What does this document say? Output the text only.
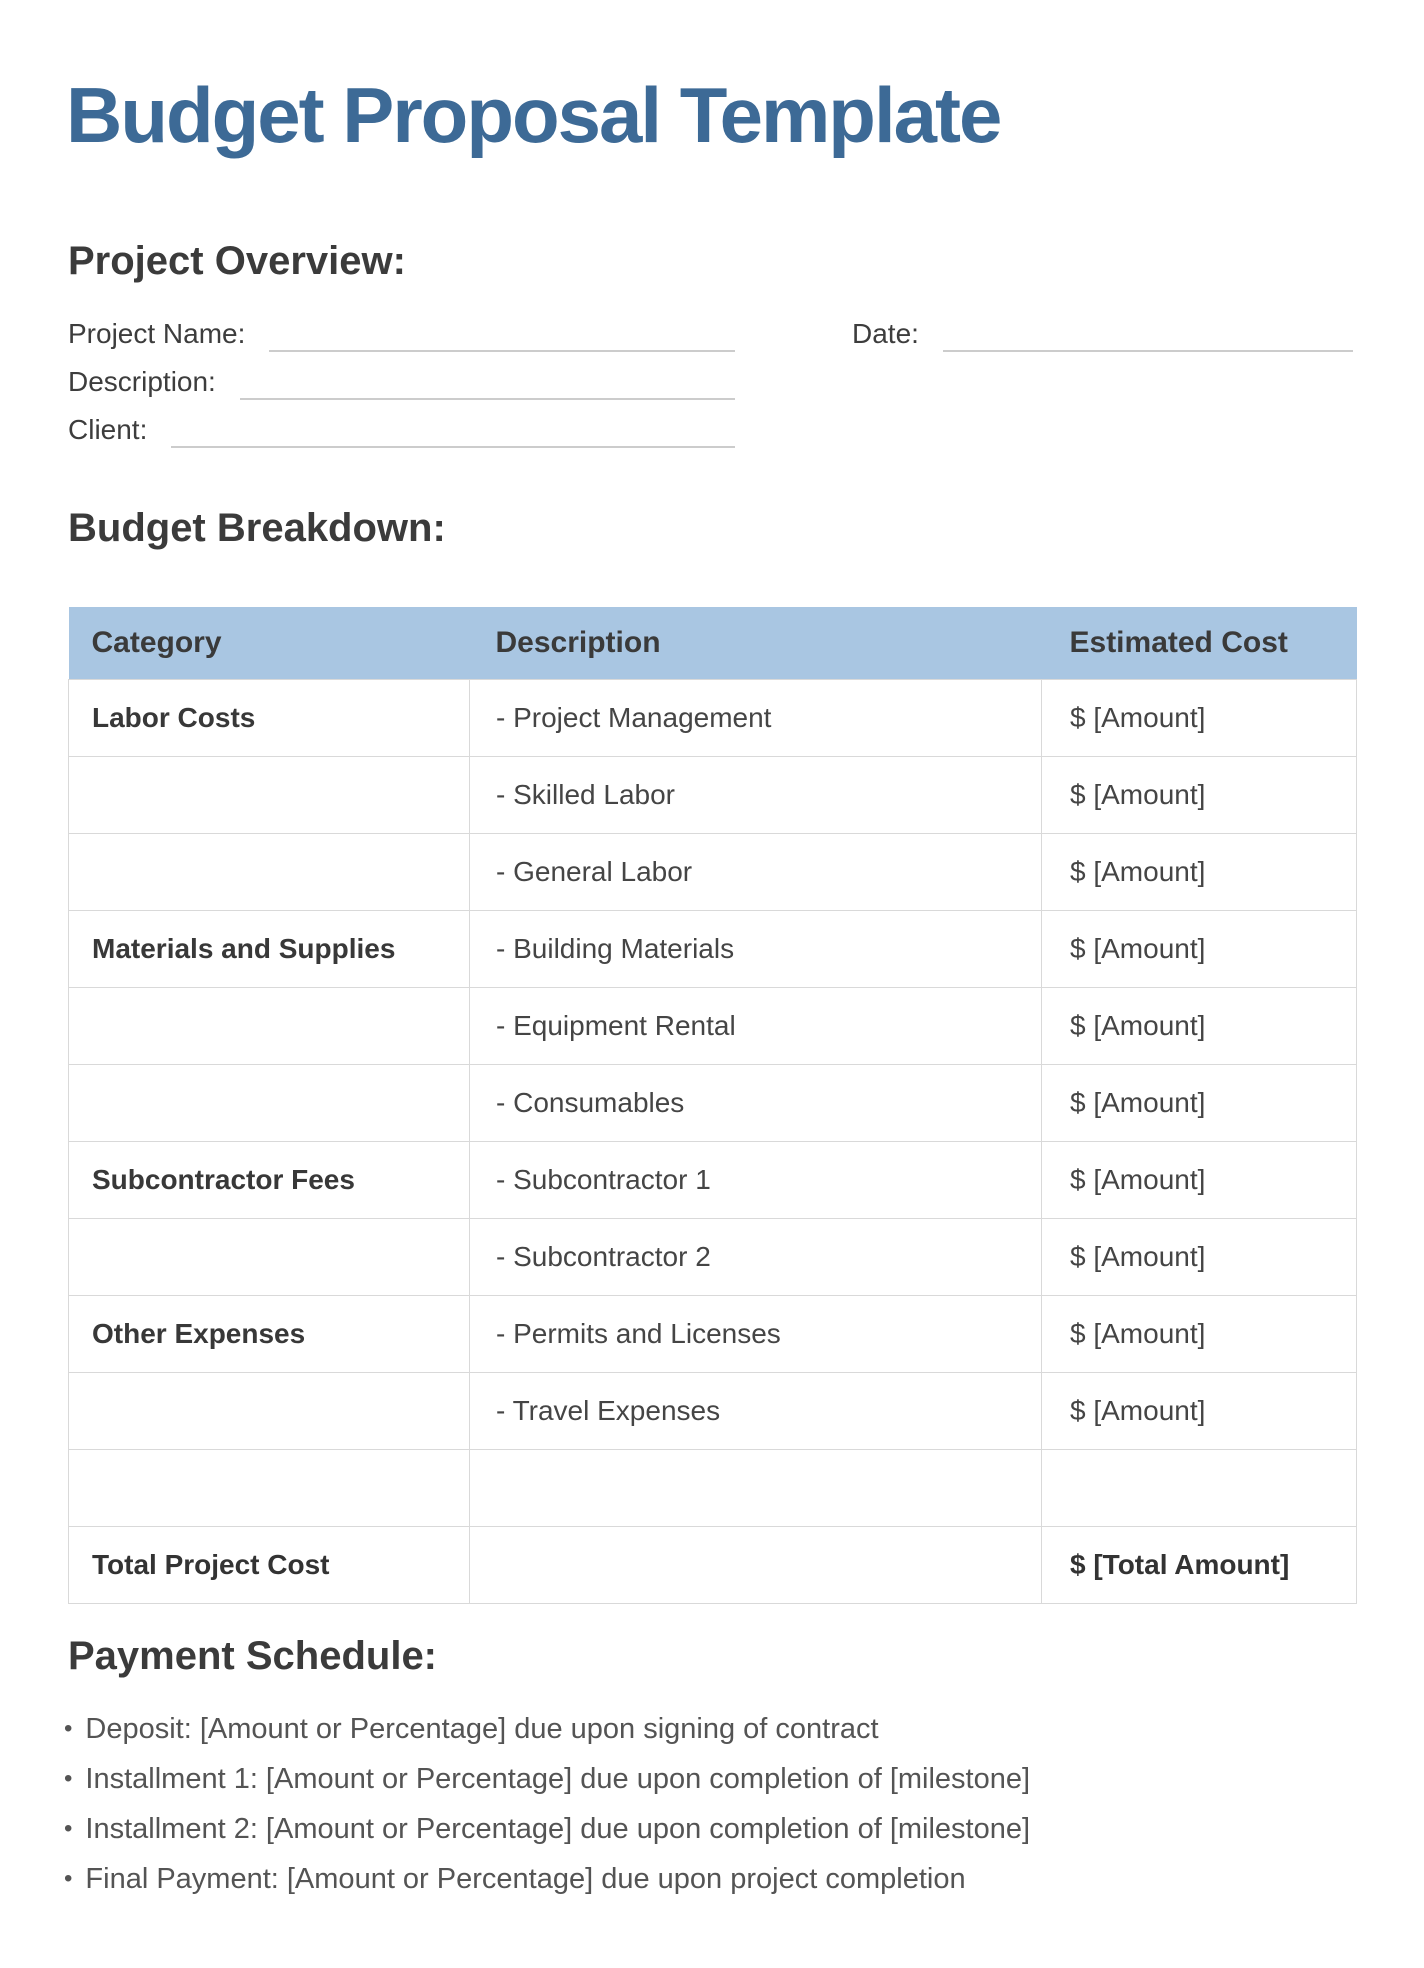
Budget Proposal Template
Project Overview:
Project Name:	Date:
Description:
Client:
Budget Breakdown:
Category	Description	Estimated Cost
Labor Costs	- Project Management	$ [Amount]
	- Skilled Labor	$ [Amount]
	- General Labor	$ [Amount]
Materials and Supplies	- Building Materials	$ [Amount]
	- Equipment Rental	$ [Amount]
	- Consumables	$ [Amount]
Subcontractor Fees	- Subcontractor 1	$ [Amount]
	- Subcontractor 2	$ [Amount]
Other Expenses	- Permits and Licenses	$ [Amount]
	- Travel Expenses	$ [Amount]

Total Project Cost		$ [Total Amount]
Payment Schedule:
• Deposit: [Amount or Percentage] due upon signing of contract
• Installment 1: [Amount or Percentage] due upon completion of [milestone]
• Installment 2: [Amount or Percentage] due upon completion of [milestone]
• Final Payment: [Amount or Percentage] due upon project completion
